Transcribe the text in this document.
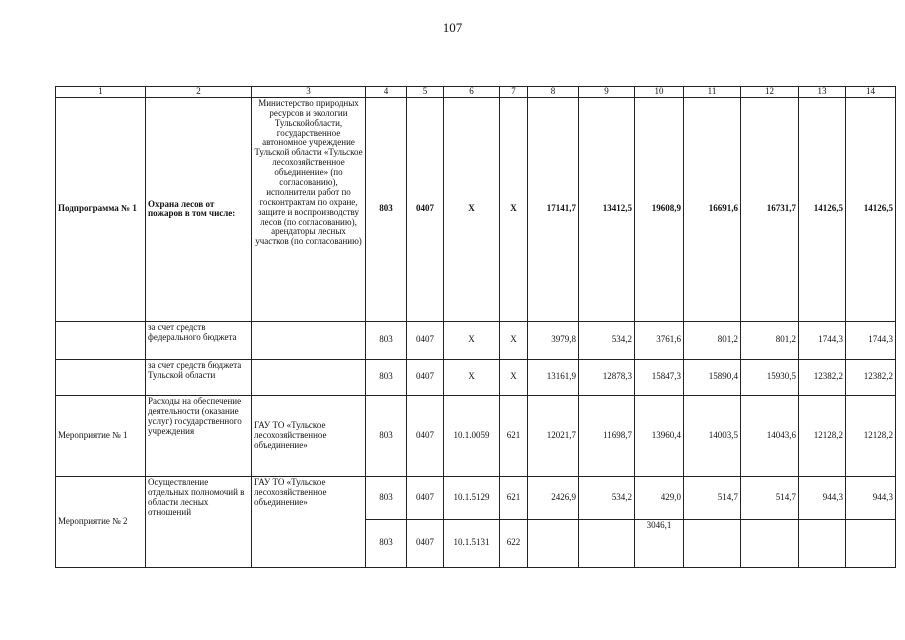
107
1	2	3	4	5	6	7	8	9	10	11	12	13	14
Подпрограмма № 1	Охрана лесов от пожаров в том числе:	Министерство природных ресурсов и экологии Тульскойобласти, государственное автономное учреждение Тульской области «Тульское лесохозяйственное объединение» (по согласованию), исполнители работ по госконтрактам по охране, защите и воспроизводству лесов (по согласованию), арендаторы лесных участков (по согласованию)	803	0407	X	X	17141,7	13412,5	19608,9	16691,6	16731,7	14126,5	14126,5
	за счет средств федерального бюджета		803	0407	X	X	3979,8	534,2	3761,6	801,2	801,2	1744,3	1744,3
	за счет средств бюджета Тульской области		803	0407	X	X	13161,9	12878,3	15847,3	15890,4	15930,5	12382,2	12382,2
Мероприятие № 1	Расходы на обеспечение деятельности (оказание услуг) государственного учреждения	ГАУ ТО «Тульское лесохозяйственное объединение»	803	0407	10.1.0059	621	12021,7	11698,7	13960,4	14003,5	14043,6	12128,2	12128,2
Мероприятие № 2	Осуществление отдельных полномочий в области лесных отношений	ГАУ ТО «Тульское лесохозяйственное объединение»	803	0407	10.1.5129	621	2426,9	534,2	429,0	514,7	514,7	944,3	944,3
			803	0407	10.1.5131	622			3046,1				
